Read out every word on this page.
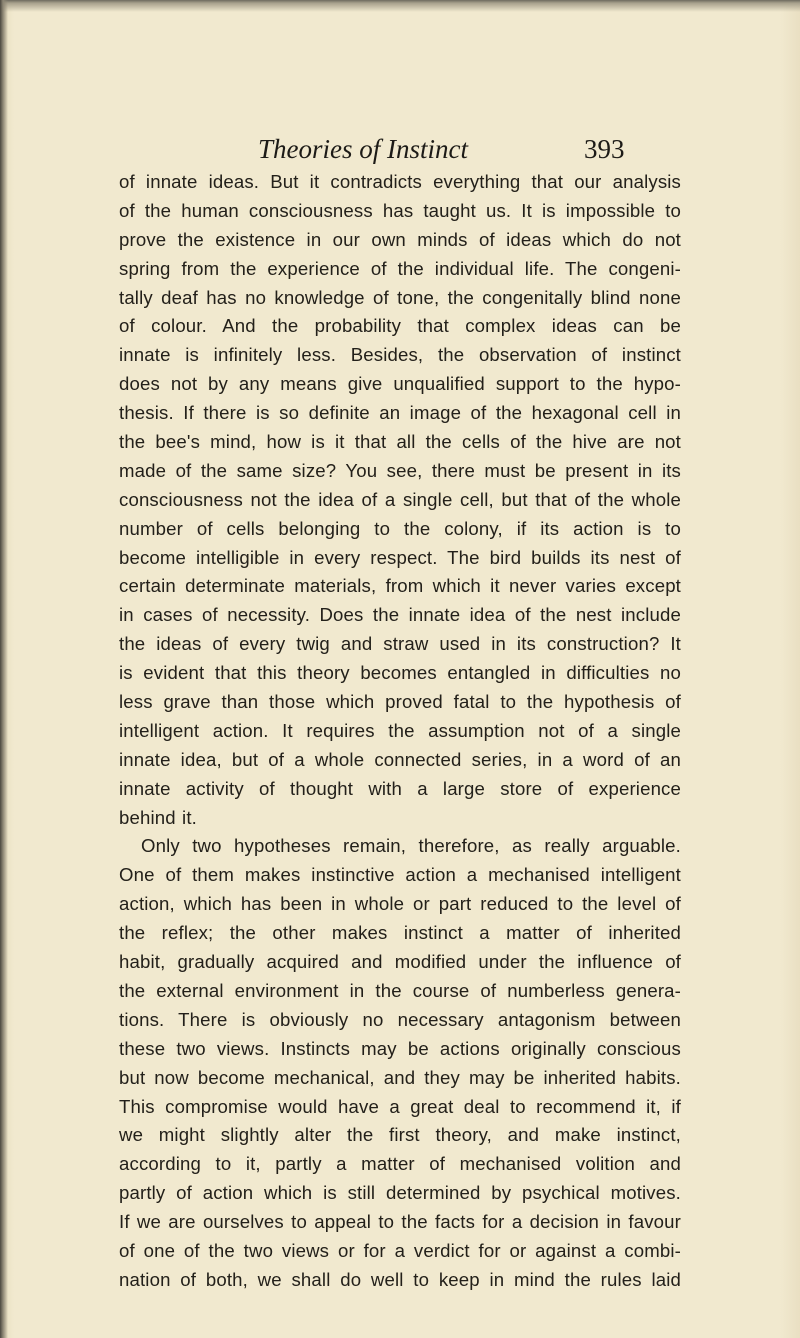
Theories of Instinct	393
of innate ideas. But it contradicts everything that our analysis
of the human consciousness has taught us. It is impossible to
prove the existence in our own minds of ideas which do not
spring from the experience of the individual life. The congeni-
tally deaf has no knowledge of tone, the congenitally blind none
of colour. And the probability that complex ideas can be
innate is infinitely less. Besides, the observation of instinct
does not by any means give unqualified support to the hypo-
thesis. If there is so definite an image of the hexagonal cell in
the bee's mind, how is it that all the cells of the hive are not
made of the same size? You see, there must be present in its
consciousness not the idea of a single cell, but that of the whole
number of cells belonging to the colony, if its action is to
become intelligible in every respect. The bird builds its nest of
certain determinate materials, from which it never varies except
in cases of necessity. Does the innate idea of the nest include
the ideas of every twig and straw used in its construction? It
is evident that this theory becomes entangled in difficulties no
less grave than those which proved fatal to the hypothesis of
intelligent action. It requires the assumption not of a single
innate idea, but of a whole connected series, in a word of an
innate activity of thought with a large store of experience
behind it.
Only two hypotheses remain, therefore, as really arguable.
One of them makes instinctive action a mechanised intelligent
action, which has been in whole or part reduced to the level of
the reflex; the other makes instinct a matter of inherited
habit, gradually acquired and modified under the influence of
the external environment in the course of numberless genera-
tions. There is obviously no necessary antagonism between
these two views. Instincts may be actions originally conscious
but now become mechanical, and they may be inherited habits.
This compromise would have a great deal to recommend it, if
we might slightly alter the first theory, and make instinct,
according to it, partly a matter of mechanised volition and
partly of action which is still determined by psychical motives.
If we are ourselves to appeal to the facts for a decision in favour
of one of the two views or for a verdict for or against a combi-
nation of both, we shall do well to keep in mind the rules laid
